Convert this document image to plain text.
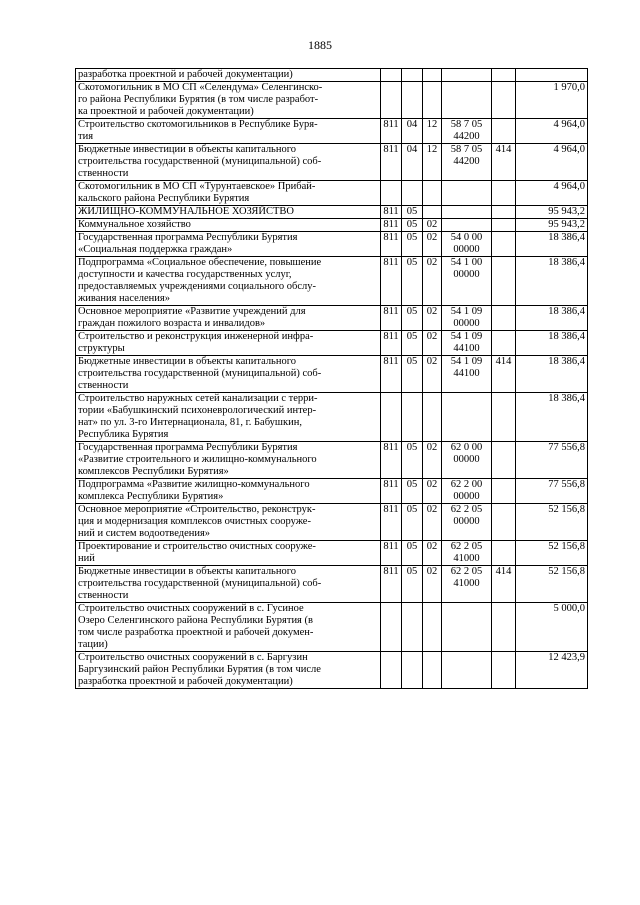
1885
разработка проектной и рабочей документации)						

Скотомогильник в МО СП «Селендума» Селенгинско-
го района Республики Бурятия (в том числе разработ-
ка проектной и рабочей документации)						1 970,0

Строительство скотомогильников в Республике Буря-
тия	811	04	12	58 7 05
44200		4 964,0

Бюджетные инвестиции в объекты капитального
строительства государственной (муниципальной) соб-
ственности	811	04	12	58 7 05
44200	414	4 964,0

Скотомогильник в МО СП «Турунтаевское» Прибай-
кальского района Республики Бурятия						4 964,0

ЖИЛИЩНО-КОММУНАЛЬНОЕ ХОЗЯЙСТВО	811	05				95 943,2

Коммунальное хозяйство	811	05	02			95 943,2

Государственная программа Республики Бурятия
«Социальная поддержка граждан»	811	05	02	54 0 00
00000		18 386,4

Подпрограмма «Социальное обеспечение, повышение
доступности и качества государственных услуг,
предоставляемых учреждениями социального обслу-
живания населения»	811	05	02	54 1 00
00000		18 386,4

Основное мероприятие «Развитие учреждений для
граждан пожилого возраста и инвалидов»	811	05	02	54 1 09
00000		18 386,4

Строительство и реконструкция инженерной инфра-
структуры	811	05	02	54 1 09
44100		18 386,4

Бюджетные инвестиции в объекты капитального
строительства государственной (муниципальной) соб-
ственности	811	05	02	54 1 09
44100	414	18 386,4

Строительство наружных сетей канализации с терри-
тории «Бабушкинский психоневрологический интер-
нат» по ул. 3-го Интернационала, 81, г. Бабушкин,
Республика Бурятия						18 386,4

Государственная программа Республики Бурятия
«Развитие строительного и жилищно-коммунального
комплексов Республики Бурятия»	811	05	02	62 0 00
00000		77 556,8

Подпрограмма «Развитие жилищно-коммунального
комплекса Республики Бурятия»	811	05	02	62 2 00
00000		77 556,8

Основное мероприятие «Строительство, реконструк-
ция и модернизация комплексов очистных сооруже-
ний и систем водоотведения»	811	05	02	62 2 05
00000		52 156,8

Проектирование и строительство очистных сооруже-
ний	811	05	02	62 2 05
41000		52 156,8

Бюджетные инвестиции в объекты капитального
строительства государственной (муниципальной) соб-
ственности	811	05	02	62 2 05
41000	414	52 156,8

Строительство очистных сооружений в с. Гусиное
Озеро Селенгинского района Республики Бурятия (в
том числе разработка проектной и рабочей докумен-
тации)						5 000,0

Строительство очистных сооружений в с. Баргузин
Баргузинский район Республики Бурятия (в том числе
разработка проектной и рабочей документации)						12 423,9
